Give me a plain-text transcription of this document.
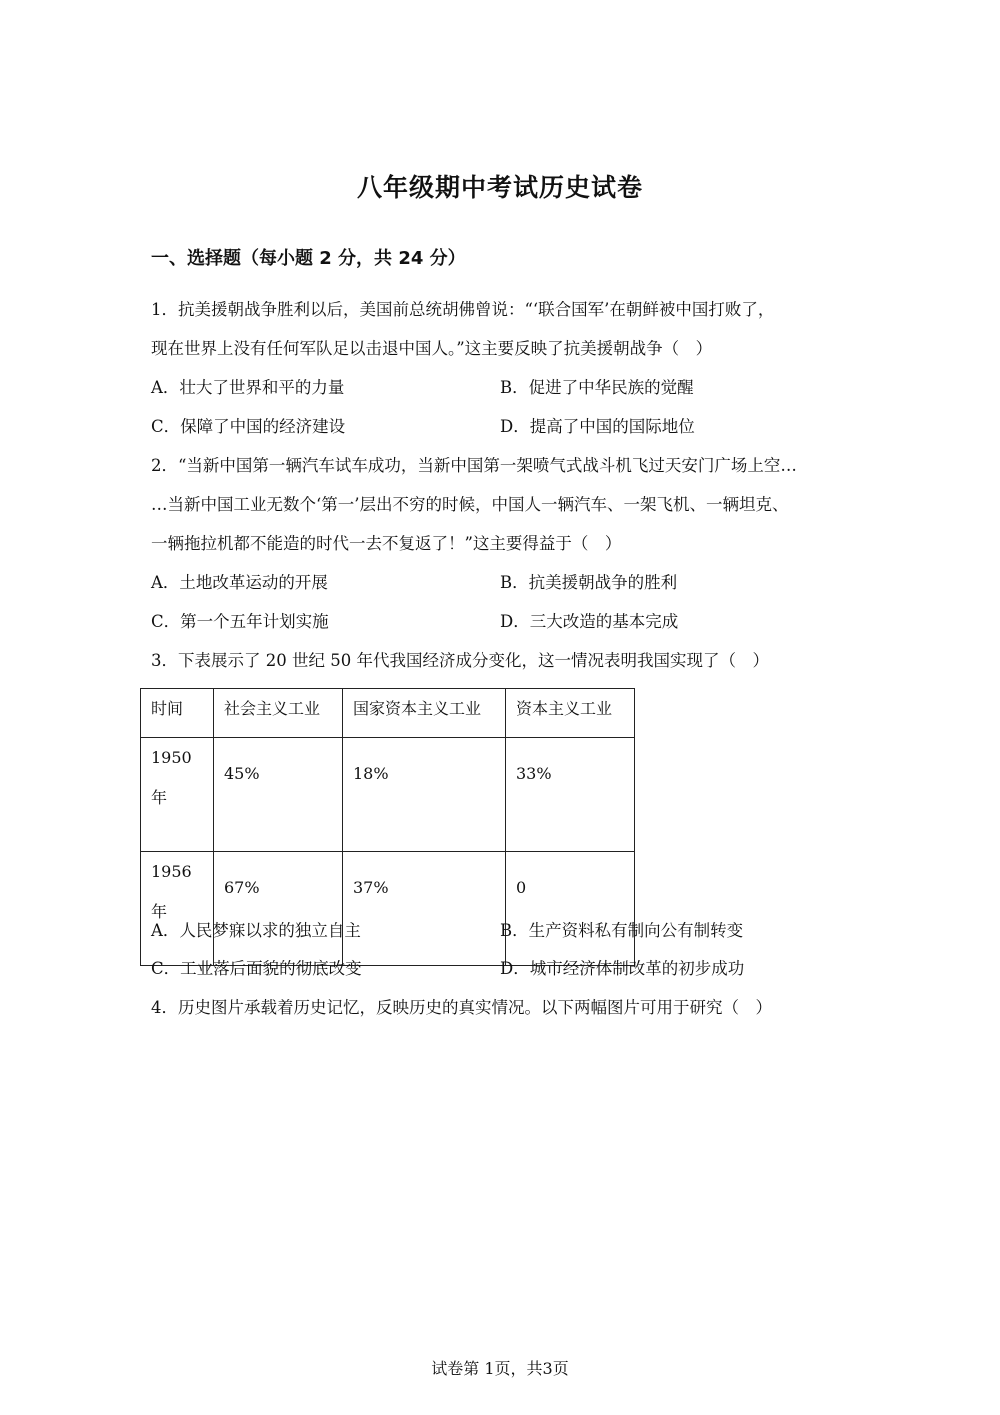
八年级期中考试历史试卷
一、选择题（每小题 2 分，共 24 分）
1．抗美援朝战争胜利以后，美国前总统胡佛曾说：“‘联合国军’在朝鲜被中国打败了，
现在世界上没有任何军队足以击退中国人。”这主要反映了抗美援朝战争（　）
A．壮大了世界和平的力量	B．促进了中华民族的觉醒
C．保障了中国的经济建设	D．提高了中国的国际地位
2．“当新中国第一辆汽车试车成功，当新中国第一架喷气式战斗机飞过天安门广场上空…
…当新中国工业无数个‘第一’层出不穷的时候，中国人一辆汽车、一架飞机、一辆坦克、
一辆拖拉机都不能造的时代一去不复返了！”这主要得益于（　）
A．土地改革运动的开展	B．抗美援朝战争的胜利
C．第一个五年计划实施	D．三大改造的基本完成
3．下表展示了 20 世纪 50 年代我国经济成分变化，这一情况表明我国实现了（　）
时间	社会主义工业	国家资本主义工业	资本主义工业

1950
年	45%	18%	33%

1956
年	67%	37%	0
A．人民梦寐以求的独立自主	B．生产资料私有制向公有制转变
C．工业落后面貌的彻底改变	D．城市经济体制改革的初步成功
4．历史图片承载着历史记忆，反映历史的真实情况。以下两幅图片可用于研究（　）
试卷第 1页，共3页
